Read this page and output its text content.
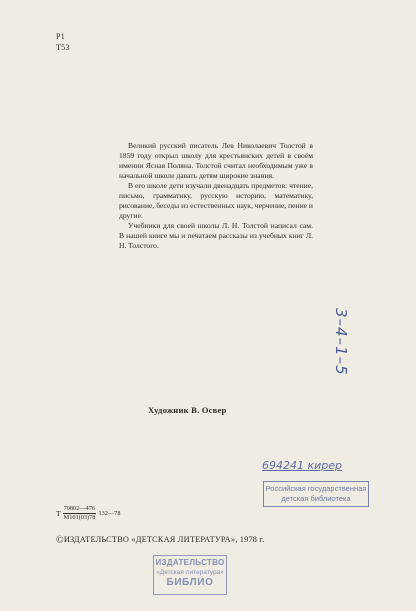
Р1
Т53

Великий русский писатель Лев Николаевич Толстой в 1859 году открыл школу для крестьянских детей в своём имении Ясная Поляна. Толстой считал необходимым уже в начальной школе давать детям широкие знания.

В его школе дети изучали двенадцать предметов: чтение, письмо, грамматику, русскую историю, математику, рисование, беседы из естественных наук, черчение, пение и другие.

Учебники для своей школы Л. Н. Толстой написал сам. В нашей книге мы и печатаем рассказы из учебных книг Л. Н. Толстого.

Художник В. Освер
3–4–1–5
694241 кирер
Российская государственная
детская библиотека
Т $\frac{70802—476}{М101(03)78}$ 132—78
©ИЗДАТЕЛЬСТВО «ДЕТСКАЯ ЛИТЕРАТУРА», 1978 г.
ИЗДАТЕЛЬСТВО
«Детская литература»
БИБЛИО
